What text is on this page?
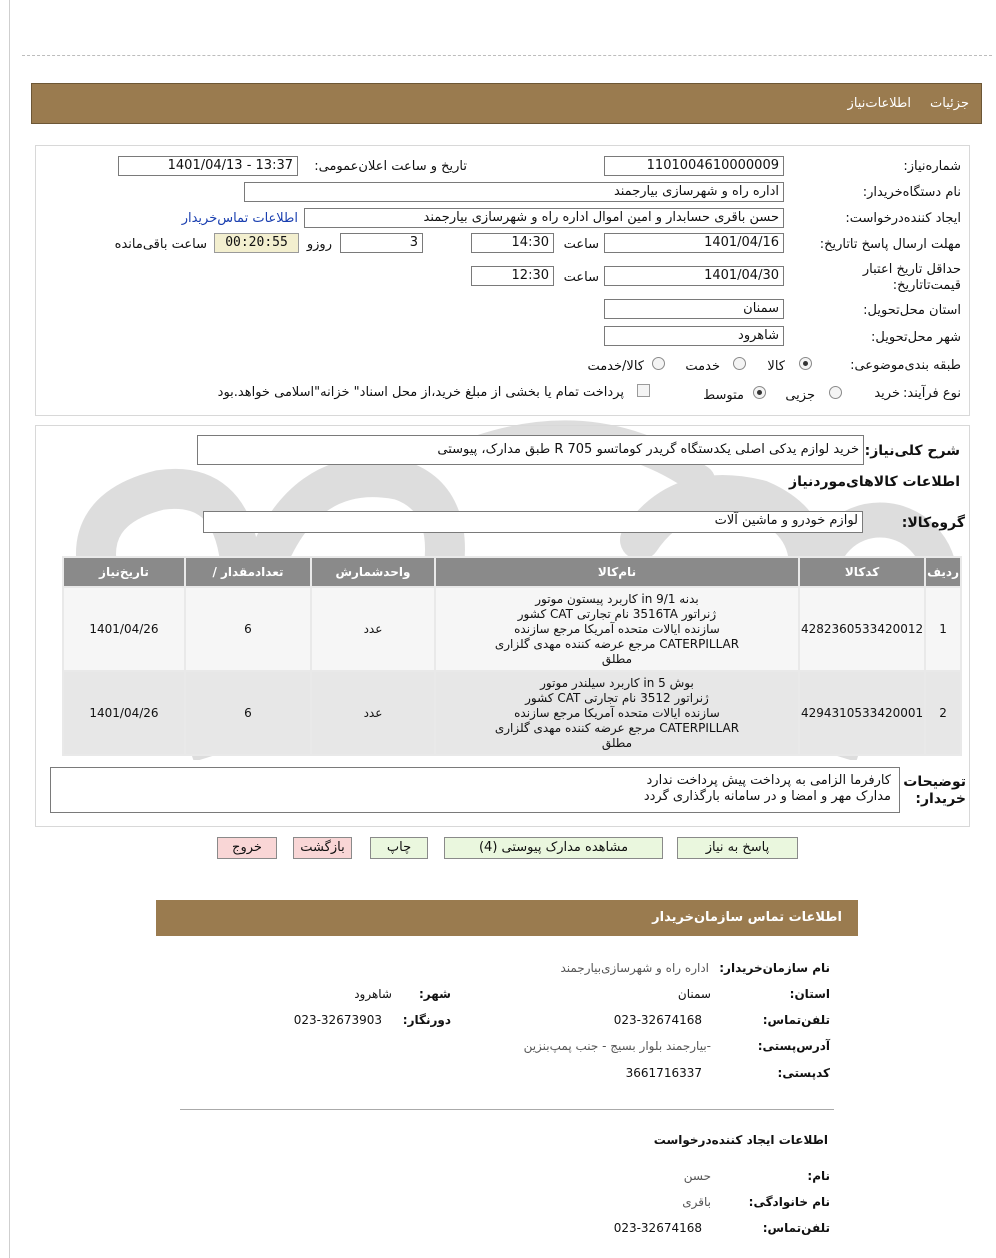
جزئیات
اطلاعات‌نیاز
شماره‌نیاز:
1101004610000009
تاریخ و ساعت اعلان‌عمومی:
1401/04/13 - 13:37
نام دستگاه‌خریدار:
اداره راه و شهرسازی بیارجمند
ایجاد کننده‌درخواست:
حسن باقری حسابدار و امین اموال اداره راه و شهرسازی بیارجمند
اطلاعات تماس‌خریدار
مهلت ارسال پاسخ تا‌تاریخ:
1401/04/16
ساعت
14:30
3
روزو
00:20:55
ساعت باقی‌مانده
حداقل تاریخ اعتبار قیمت‌تا‌تاریخ:
1401/04/30
ساعت
12:30
استان محل‌تحویل:
سمنان
شهر محل‌تحویل:
شاهرود
طبقه بندی‌موضوعی:
کالا
خدمت
کالا/خدمت
نوع فرآیند:
خرید
جزیی
متوسط
پرداخت تمام یا بخشی از مبلغ خرید،از محل اسناد" خزانه"اسلامی خواهد.بود
شرح کلی‌نیاز:
خرید لوازم یدکی اصلی یکدستگاه گریدر کوماتسو R 705 طبق مدارک، پیوستی
اطلاعات کالاهای‌موردنیاز
گروه‌کالا:
لوازم خودرو و ماشین آلات
ردیف	کدکالا	نام‌کالا	واحدشمارش	تعدادمقدار /	تاریخ‌نیاز
1	4282360533420012	بدنه 9/1 in کاربرد پیستون موتور
ژنراتور 3516TA نام تجارتی CAT کشور
سازنده ایالات متحده آمریکا مرجع سازنده
CATERPILLAR مرجع عرضه کننده مهدی گلزاری
مطلق	عدد	6	1401/04/26
2	4294310533420001	بوش 5 in کاربرد سیلندر موتور
ژنراتور 3512 نام تجارتی CAT کشور
سازنده ایالات متحده آمریکا مرجع سازنده
CATERPILLAR مرجع عرضه کننده مهدی گلزاری
مطلق	عدد	6	1401/04/26
توضیحات
خریدار:
کارفرما الزامی به پرداخت پیش پرداخت ندارد
مدارک مهر و امضا و در سامانه بارگذاری گردد
پاسخ به نیاز
مشاهده مدارک پیوستی (4)
چاپ
بازگشت
خروج
اطلاعات تماس سازمان‌خریدار
نام سازمان‌خریدار:
اداره راه و شهرسازی‌بیارجمند
استان:
سمنان
شهر:
شاهرود
تلفن‌تماس:
023-32674168
دورنگار:
023-32673903
آدرس‌پستی:
-بیارجمند بلوار بسیج - جنب پمپ‌بنزین
کد‌پستی:
3661716337
اطلاعات ایجاد کننده‌درخواست
نام:
حسن
نام خانوادگی:
باقری
تلفن‌تماس:
023-32674168
